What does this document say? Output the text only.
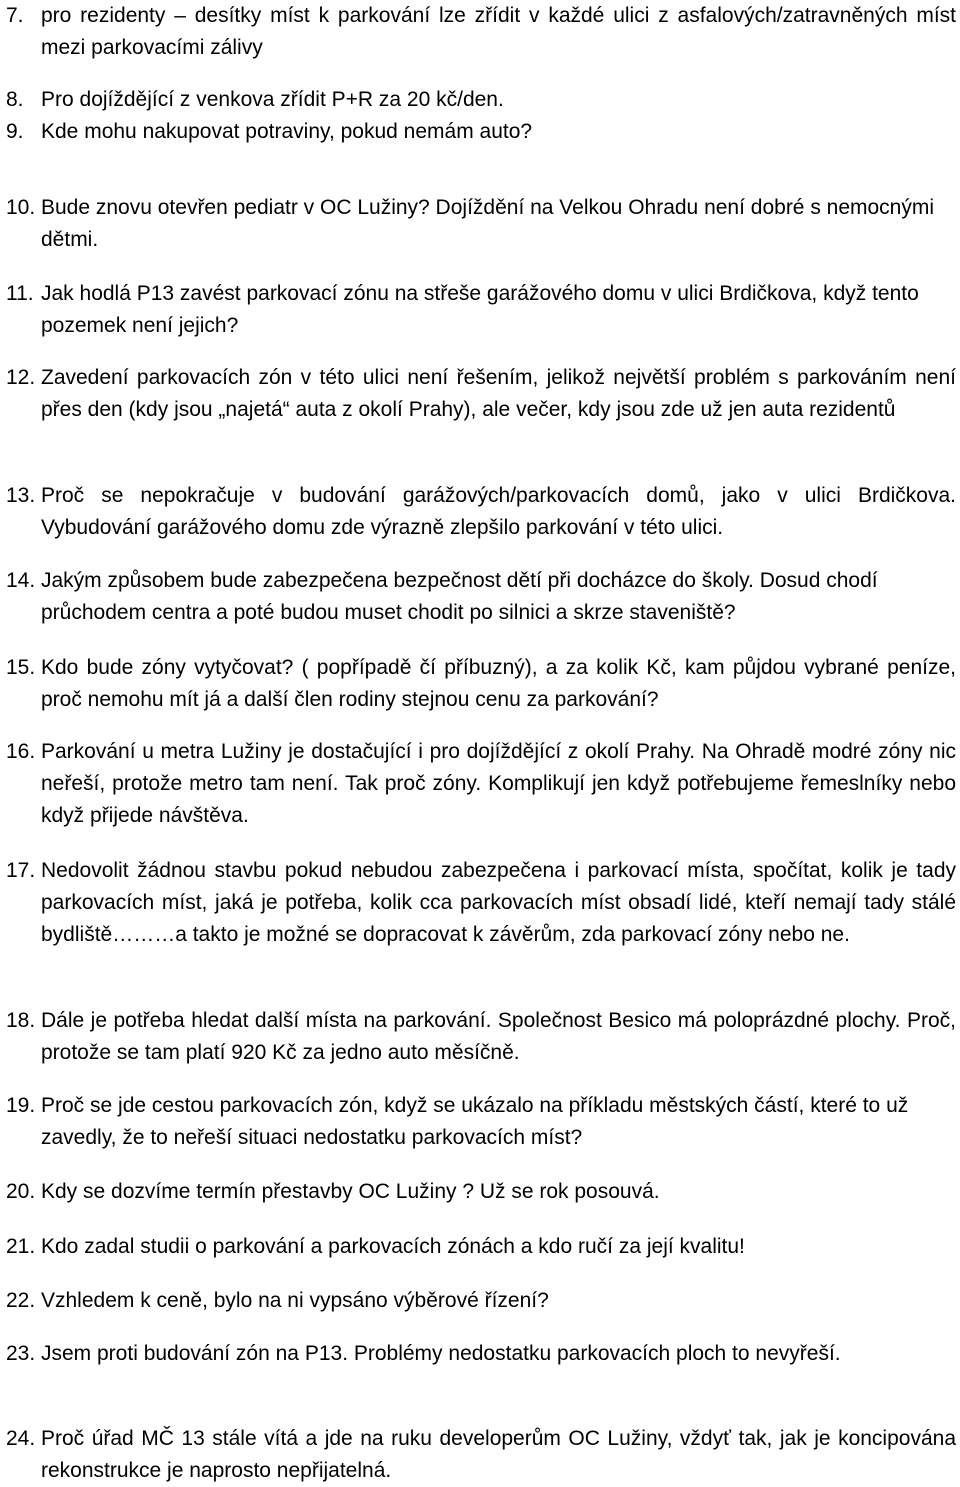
7. pro rezidenty – desítky míst k parkování lze zřídit v každé ulici z asfalových/zatravněných míst mezi parkovacími zálivy
8. Pro dojíždějící z venkova zřídit P+R za 20 kč/den.
9. Kde mohu nakupovat potraviny, pokud nemám auto?
10. Bude znovu otevřen pediatr v OC Lužiny? Dojíždění na Velkou Ohradu není dobré s nemocnými dětmi.
11. Jak hodlá P13 zavést parkovací zónu na střeše garážového domu v ulici Brdičkova, když tento pozemek není jejich?
12. Zavedení parkovacích zón v této ulici není řešením, jelikož největší problém s parkováním není přes den (kdy jsou „najetá“ auta z okolí Prahy), ale večer, kdy jsou zde už jen auta rezidentů
13. Proč se nepokračuje v budování garážových/parkovacích domů, jako v ulici Brdičkova. Vybudování garážového domu zde výrazně zlepšilo parkování v této ulici.
14. Jakým způsobem bude zabezpečena bezpečnost dětí při docházce do školy. Dosud chodí průchodem centra a poté budou muset chodit po silnici a skrze staveniště?
15. Kdo bude zóny vytyčovat? ( popřípadě čí příbuzný), a za kolik Kč, kam půjdou vybrané peníze, proč nemohu mít já a další člen rodiny stejnou cenu za parkování?
16. Parkování u metra Lužiny je dostačující i pro dojíždějící z okolí Prahy. Na Ohradě modré zóny nic neřeší, protože metro tam není. Tak proč zóny. Komplikují jen když potřebujeme řemeslníky nebo když přijede návštěva.
17. Nedovolit žádnou stavbu pokud nebudou zabezpečena i parkovací místa, spočítat, kolik je tady parkovacích míst, jaká je potřeba, kolik cca parkovacích míst obsadí lidé, kteří nemají tady stálé bydliště………a takto je možné se dopracovat k závěrům, zda parkovací zóny nebo ne.
18. Dále je potřeba hledat další místa na parkování. Společnost Besico má poloprázdné plochy. Proč, protože se tam platí 920 Kč za jedno auto měsíčně.
19. Proč se jde cestou parkovacích zón, když se ukázalo na příkladu městských částí, které to už zavedly, že to neřeší situaci nedostatku parkovacích míst?
20. Kdy se dozvíme termín přestavby OC Lužiny ? Už se rok posouvá.
21. Kdo zadal studii o parkování a parkovacích zónách a kdo ručí za její kvalitu!
22. Vzhledem k ceně, bylo na ni vypsáno výběrové řízení?
23. Jsem proti budování zón na P13. Problémy nedostatku parkovacích ploch to nevyřeší.
24. Proč úřad MČ 13 stále vítá a jde na ruku developerům OC Lužiny, vždyť tak, jak je koncipována rekonstrukce je naprosto nepřijatelná.
